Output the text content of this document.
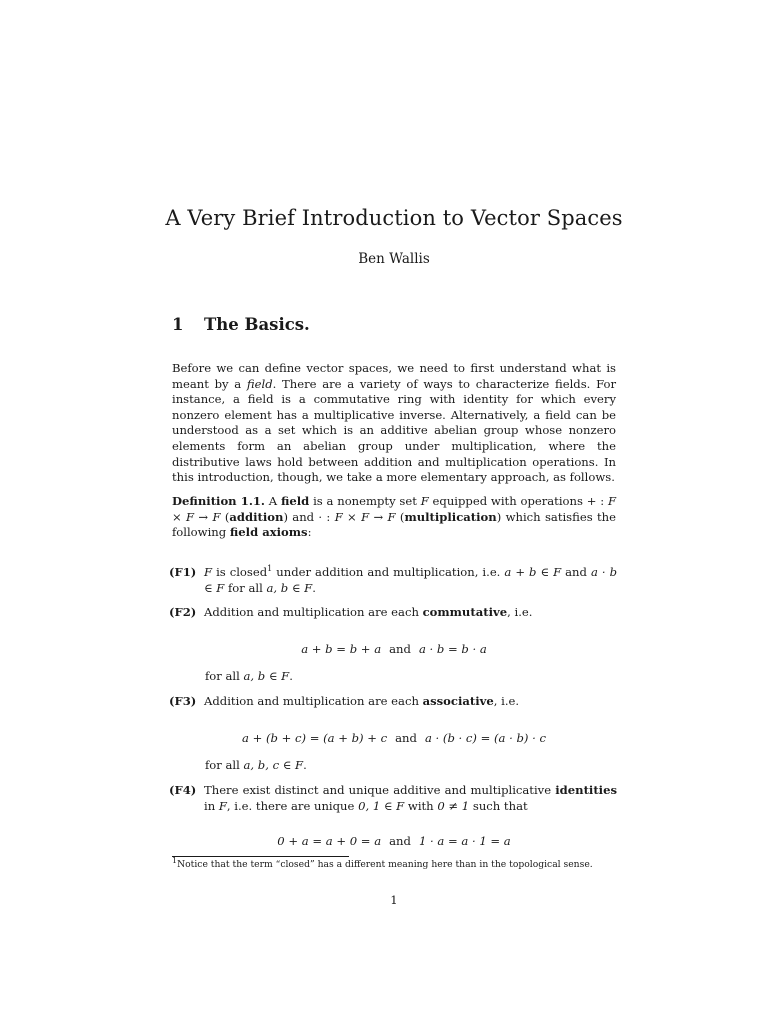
A Very Brief Introduction to Vector Spaces
Ben Wallis
1 The Basics.
Before we can define vector spaces, we need to first understand what is meant by a field. There are a variety of ways to characterize fields. For instance, a field is a commutative ring with identity for which every nonzero element has a multiplicative inverse. Alternatively, a field can be understood as a set which is an additive abelian group whose nonzero elements form an abelian group under multiplication, where the distributive laws hold between addition and multiplication operations. In this introduction, though, we take a more elementary approach, as follows.
Definition 1.1. A field is a nonempty set F equipped with operations + : F × F → F (addition) and · : F × F → F (multiplication) which satisfies the following field axioms:
(F1) F is closed$^1$ under addition and multiplication, i.e. a + b ∈ F and a · b ∈ F for all a, b ∈ F.
(F2) Addition and multiplication are each commutative, i.e.
a + b = b + a and a · b = b · a
for all a, b ∈ F.
(F3) Addition and multiplication are each associative, i.e.
a + (b + c) = (a + b) + c and a · (b · c) = (a · b) · c
for all a, b, c ∈ F.
(F4) There exist distinct and unique additive and multiplicative identities in F, i.e. there are unique 0, 1 ∈ F with 0 ≠ 1 such that
0 + a = a + 0 = a and 1 · a = a · 1 = a
$^1$Notice that the term “closed” has a different meaning here than in the topological sense.
1
